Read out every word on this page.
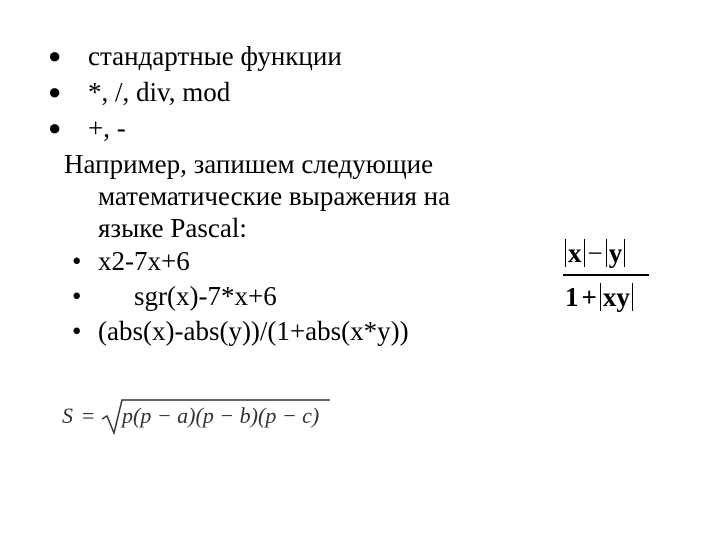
● стандартные функции
● *, /, div, mod
● +, -
Например, запишем следующие
математические выражения на
языке Pascal:
• x2-7x+6
• sgr(x)-7*x+6
• (abs(x)-abs(y))/(1+abs(x*y))
x − y
1 + xy
S = p(p − a)(p − b)(p − c)
